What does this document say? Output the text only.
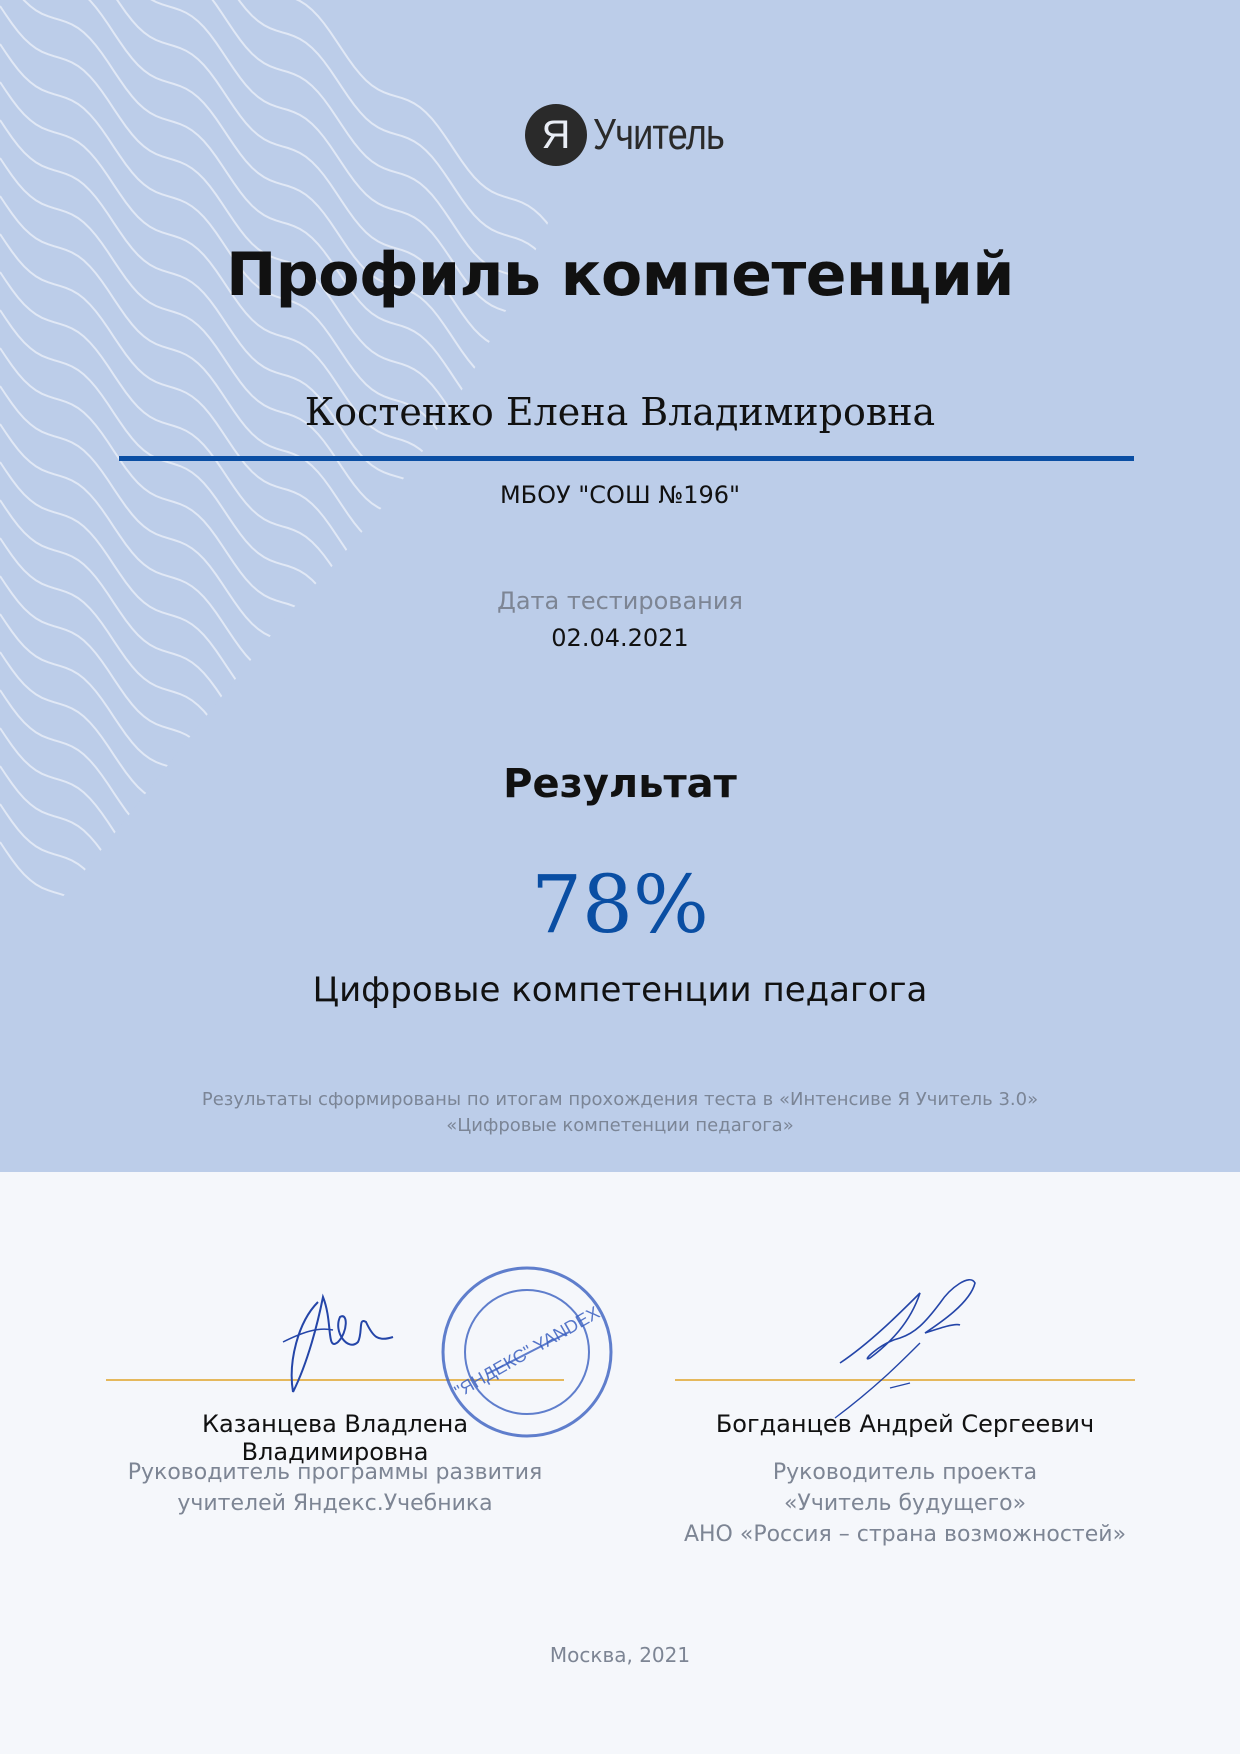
Я Учитель
Профиль компетенций
Костенко Елена Владимировна
МБОУ "СОШ №196"
Дата тестирования
02.04.2021
Результат
78%
Цифровые компетенции педагога
Результаты сформированы по итогам прохождения теста в «Интенсиве Я Учитель 3.0»
«Цифровые компетенции педагога»
Казанцева Владлена Владимировна
Руководитель программы развития
учителей Яндекс.Учебника
"ЯНДЕКС" YANDEX
Богданцев Андрей Сергеевич
Руководитель проекта
«Учитель будущего»
АНО «Россия – страна возможностей»
Москва, 2021
